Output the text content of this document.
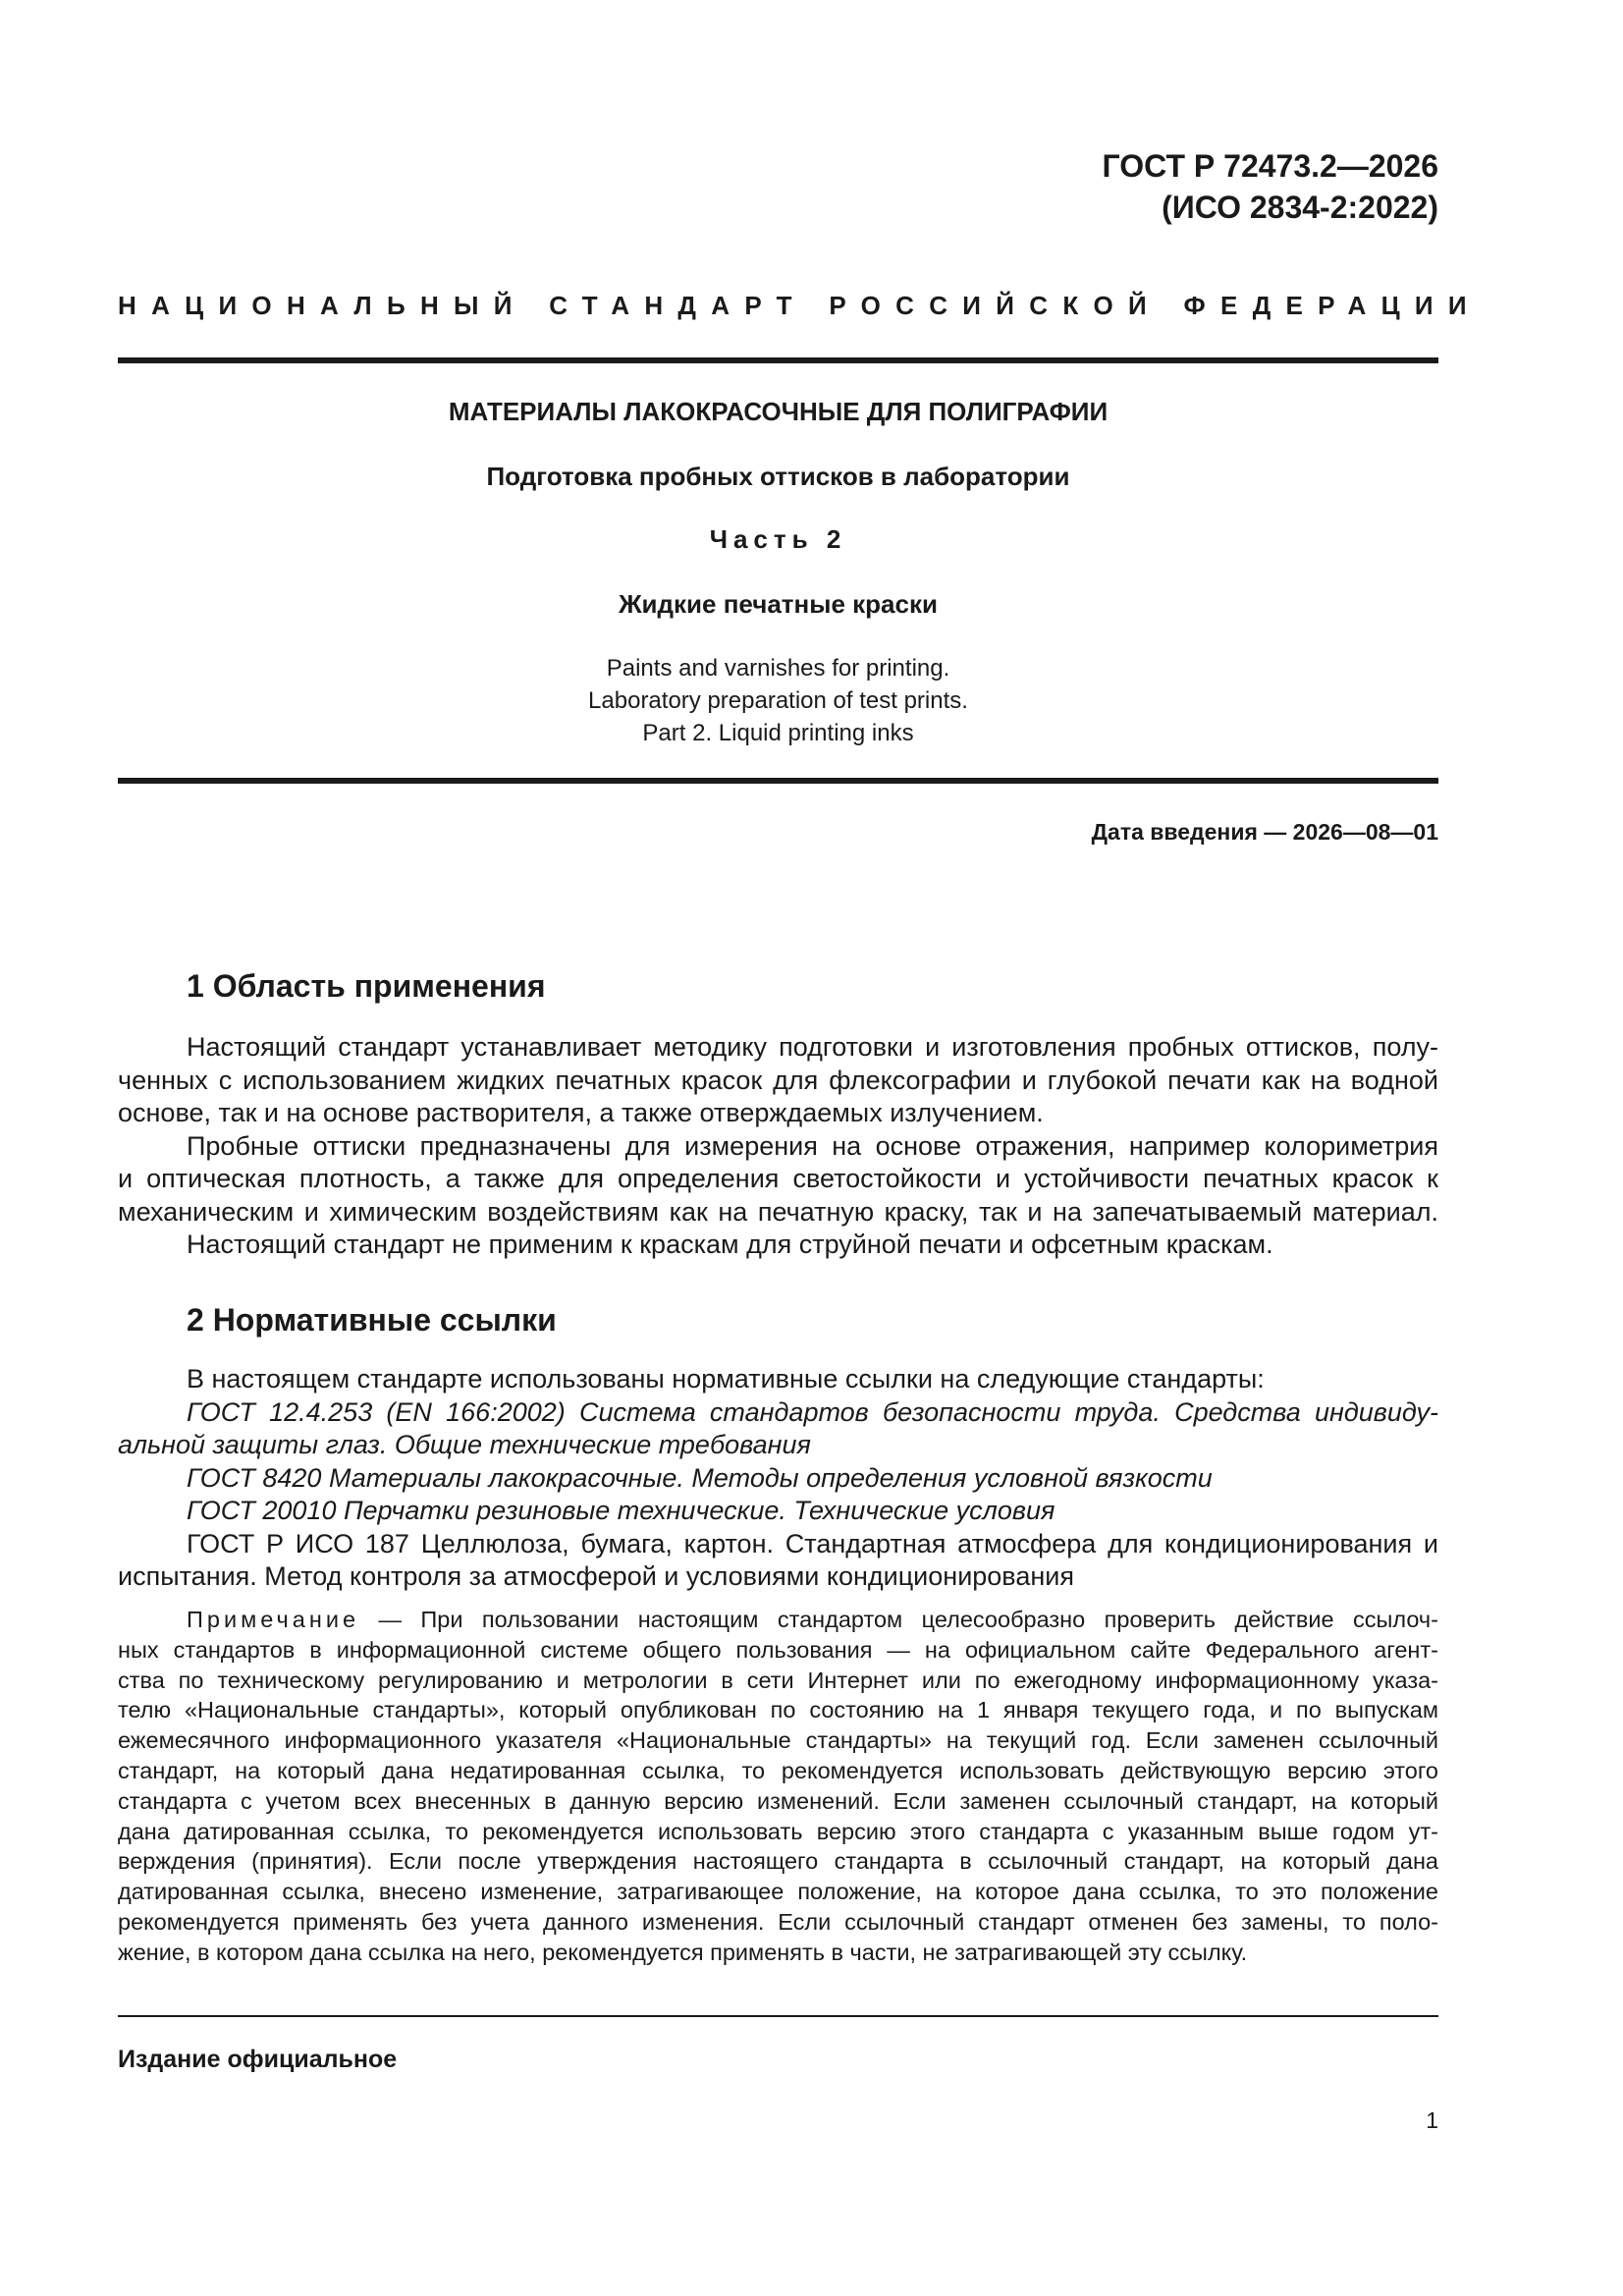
ГОСТ Р 72473.2—2026
(ИСО 2834-2:2022)
НАЦИОНАЛЬНЫЙ СТАНДАРТ РОССИЙСКОЙ ФЕДЕРАЦИИ
МАТЕРИАЛЫ ЛАКОКРАСОЧНЫЕ ДЛЯ ПОЛИГРАФИИ
Подготовка пробных оттисков в лаборатории
Часть 2
Жидкие печатные краски
Paints and varnishes for printing.
Laboratory preparation of test prints.
Part 2. Liquid printing inks
Дата введения — 2026—08—01
1 Область применения
Настоящий стандарт устанавливает методику подготовки и изготовления пробных оттисков, полу-
ченных с использованием жидких печатных красок для флексографии и глубокой печати как на водной
основе, так и на основе растворителя, а также отверждаемых излучением.
Пробные оттиски предназначены для измерения на основе отражения, например колориметрия
и оптическая плотность, а также для определения светостойкости и устойчивости печатных красок к
механическим и химическим воздействиям как на печатную краску, так и на запечатываемый материал.
Настоящий стандарт не применим к краскам для струйной печати и офсетным краскам.
2 Нормативные ссылки
В настоящем стандарте использованы нормативные ссылки на следующие стандарты:
ГОСТ 12.4.253 (EN 166:2002) Система стандартов безопасности труда. Средства индивиду-
альной защиты глаз. Общие технические требования
ГОСТ 8420 Материалы лакокрасочные. Методы определения условной вязкости
ГОСТ 20010 Перчатки резиновые технические. Технические условия
ГОСТ Р ИСО 187 Целлюлоза, бумага, картон. Стандартная атмосфера для кондиционирования и
испытания. Метод контроля за атмосферой и условиями кондиционирования
Примечание — При пользовании настоящим стандартом целесообразно проверить действие ссылоч-
ных стандартов в информационной системе общего пользования — на официальном сайте Федерального агент-
ства по техническому регулированию и метрологии в сети Интернет или по ежегодному информационному указа-
телю «Национальные стандарты», который опубликован по состоянию на 1 января текущего года, и по выпускам
ежемесячного информационного указателя «Национальные стандарты» на текущий год. Если заменен ссылочный
стандарт, на который дана недатированная ссылка, то рекомендуется использовать действующую версию этого
стандарта с учетом всех внесенных в данную версию изменений. Если заменен ссылочный стандарт, на который
дана датированная ссылка, то рекомендуется использовать версию этого стандарта с указанным выше годом ут-
верждения (принятия). Если после утверждения настоящего стандарта в ссылочный стандарт, на который дана
датированная ссылка, внесено изменение, затрагивающее положение, на которое дана ссылка, то это положение
рекомендуется применять без учета данного изменения. Если ссылочный стандарт отменен без замены, то поло-
жение, в котором дана ссылка на него, рекомендуется применять в части, не затрагивающей эту ссылку.
Издание официальное
1
